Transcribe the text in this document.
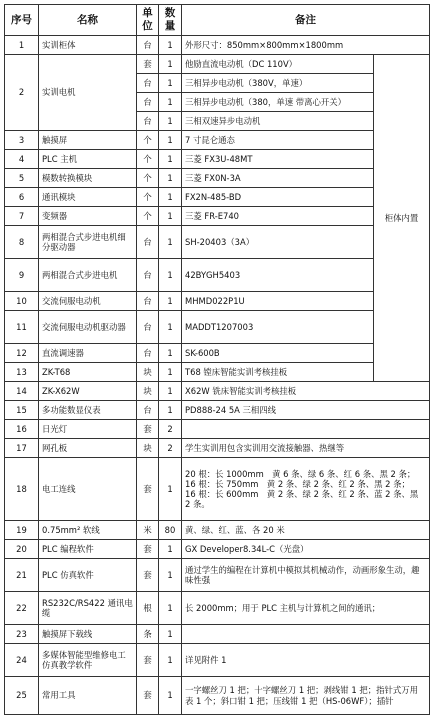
序号	名称	单位	数量	备注	
1	实训柜体	台	1	外形尺寸：850mm×800mm×1800mm	
2	实训电机	套	1	他励直流电动机（DC 110V）	柜体内置
		台	1	三相异步电动机（380V，单速）	
		台	1	三相异步电动机（380，单速 带离心开关）	
		台	1	三相双速异步电动机	
3	触摸屏	个	1	7 寸昆仑通态	
4	PLC 主机	个	1	三菱 FX3U-48MT	
5	模数转换模块	个	1	三菱 FX0N-3A	
6	通讯模块	个	1	FX2N-485-BD	
7	变频器	个	1	三菱 FR-E740	
8	两相混合式步进电机细分驱动器	台	1	SH-20403（3A）	
9	两相混合式步进电机	台	1	42BYGH5403	
10	交流伺服电动机	台	1	MHMD022P1U	
11	交流伺服电动机驱动器	台	1	MADDT1207003	
12	直流调速器	台	1	SK-600B	
13	ZK-T68	块	1	T68 镗床智能实训考核挂板	
14	ZK-X62W	块	1	X62W 铣床智能实训考核挂板	
15	多功能数显仪表	台	1	PD888-24 5A 三相四线	
16	日光灯	套	2		
17	网孔板	块	2	学生实训用包含实训用交流接触器、热继等	
18	电工连线	套	1	20 根：长 1000mm　黄 6 条、绿 6 条、红 6 条、黑 2 条；
16 根：长 750mm　黄 2 条、绿 2 条、红 2 条、黑 2 条；
16 根：长 600mm　黄 2 条、绿 2 条、红 2 条、蓝 2 条、黑
2 条。	

19	0.75mm² 软线	米	80	黄、绿、红、蓝、各 20 米	
20	PLC 编程软件	套	1	GX Developer8.34L-C（光盘）	
21	PLC 仿真软件	套	1	通过学生的编程在计算机中模拟其机械动作，动画形象生动，趣味性强	
22	RS232C/RS422 通讯电缆	根	1	长 2000mm；用于 PLC 主机与计算机之间的通讯；	
23	触摸屏下载线	条	1		
24	多媒体智能型维修电工仿真教学软件	套	1	详见附件 1	
25	常用工具	套	1	一字螺丝刀 1 把；十字螺丝刀 1 把；剥线钳 1 把；指针式万用表 1 个；斜口钳 1 把；压线钳 1 把（HS-06WF）；插针	
